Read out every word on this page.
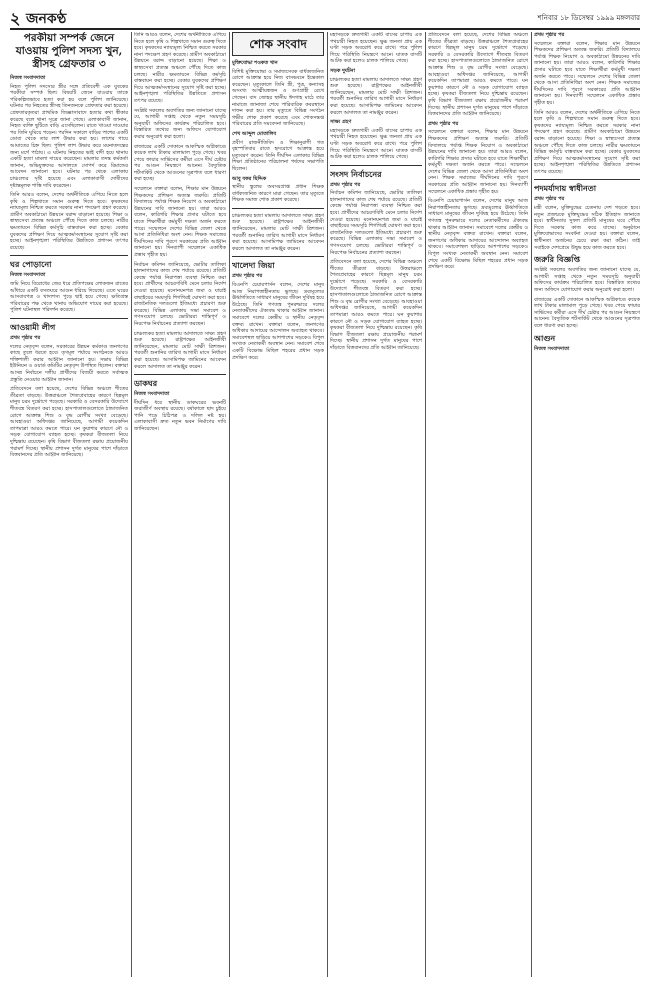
২ জনকণ্ঠ	শনিবার ১৮ ডিসেম্বর ১৯৯৯ মঙ্গলবার
পরকীয়া সম্পর্ক জেনে যাওয়ায় পুলিশ সদস্য খুন, স্ত্রীসহ গ্রেফতার ৩
নিজস্ব সংবাদদাতা

নিহত পুলিশ সদস্যের স্ত্রীর সঙ্গে প্রতিবেশী এক যুবকের পরকীয়া সম্পর্ক ছিল। বিষয়টি জেনে যাওয়ায় তাকে পরিকল্পিতভাবে হত্যা করা হয় বলে পুলিশ জানিয়েছে। ঘটনার পর নিহতের স্ত্রীসহ তিনজনকে গ্রেফতার করা হয়েছে। গ্রেফতারকৃতরা প্রাথমিক জিজ্ঞাসাবাদে হত্যার কথা স্বীকার করেছে বলে থানা সূত্রে জানা গেছে। এলাকাবাসী জানান, নিহত ব্যক্তি ছুটিতে বাড়ি এসেছিলেন। রাতে খাওয়া দাওয়ার পর তিনি ঘুমিয়ে পড়েন। পরদিন সকালে বাড়ির পাশের একটি ডোবা থেকে তার লাশ উদ্ধার করা হয়। লাশের গায়ে আঘাতের চিহ্ন ছিল। পুলিশ লাশ উদ্ধার করে ময়নাতদন্তের জন্য মর্গে পাঠায়। এ ঘটনায় নিহতের ভাই বাদী হয়ে থানায় একটি হত্যা মামলা দায়ের করেছেন। মামলার তদন্ত কর্মকর্তা জানান, অভিযুক্তদের আদালতে সোপর্দ করে রিমান্ডের আবেদন জানানো হবে। ঘটনার পর থেকে এলাকায় চাঞ্চল্যের সৃষ্টি হয়েছে এবং এলাকাবাসী দোষীদের দৃষ্টান্তমূলক শাস্তি দাবি করেছেন।

তিনি আরও বলেন, দেশের অর্থনীতিকে এগিয়ে নিতে হলে কৃষি ও শিল্পখাতে সমান গুরুত্ব দিতে হবে। কৃষকদের ন্যায্যমূল্য নিশ্চিত করতে সরকার নানা পদক্ষেপ গ্রহণ করেছে। গ্রামীণ অবকাঠামো উন্নয়নে বরাদ্দ বাড়ানো হয়েছে। শিক্ষা ও স্বাস্থ্যসেবা প্রত্যন্ত অঞ্চলে পৌঁছে দিতে কাজ চলছে। নারীর ক্ষমতায়নে বিভিন্ন কর্মসূচি বাস্তবায়ন করা হচ্ছে। বেকার যুবকদের প্রশিক্ষণ দিয়ে আত্মকর্মসংস্থানের সুযোগ সৃষ্টি করা হচ্ছে। আইনশৃঙ্খলা পরিস্থিতির উন্নতিতে প্রশাসন তৎপর রয়েছে।

ঘর পোড়ানো
নিজস্ব সংবাদদাতা

জমি নিয়ে বিরোধের জের ধরে প্রতিপক্ষের লোকজন রাতের আঁধারে একটি বসতঘরে আগুন ধরিয়ে দিয়েছে। এতে ঘরের আসবাবপত্র ও খাদ্যশস্য পুড়ে ছাই হয়ে গেছে। ক্ষতিগ্রস্ত পরিবারের পক্ষ থেকে থানায় অভিযোগ দায়ের করা হয়েছে। পুলিশ ঘটনাস্থল পরিদর্শন করেছে।

আওয়ামী লীগ
প্রথম পৃষ্ঠার পর

দলের নেতৃবৃন্দ বলেন, সরকারের উন্নয়ন কর্মকাণ্ড জনগণের কাছে তুলে ধরতে হবে। তৃণমূল পর্যায়ে সংগঠনকে আরও শক্তিশালী করার আহ্বান জানানো হয়। সভায় বিভিন্ন ইউনিয়ন ও ওয়ার্ড কমিটির নেতৃবৃন্দ উপস্থিত ছিলেন। বক্তারা আসন্ন নির্বাচনে দলীয় প্রার্থীদের বিজয়ী করতে সর্বাত্মক প্রস্তুতি নেওয়ার আহ্বান জানান।

প্রতিবেদনে বলা হয়েছে, দেশের বিভিন্ন অঞ্চলে শীতের তীব্রতা বাড়ছে। উত্তরাঞ্চলে শৈত্যপ্রবাহের কারণে ছিন্নমূল মানুষ চরম দুর্ভোগে পড়েছে। সরকারি ও বেসরকারি উদ্যোগে শীতবস্ত্র বিতরণ করা হচ্ছে। হাসপাতালগুলোতে ঠান্ডাজনিত রোগে আক্রান্ত শিশু ও বৃদ্ধ রোগীর সংখ্যা বেড়েছে। আবহাওয়া অধিদপ্তর জানিয়েছে, আগামী কয়েকদিন তাপমাত্রা আরও কমতে পারে। ঘন কুয়াশার কারণে নৌ ও সড়ক যোগাযোগ ব্যাহত হচ্ছে। কৃষকরা বীজতলা নিয়ে দুশ্চিন্তায় রয়েছেন। কৃষি বিভাগ বীজতলা রক্ষায় প্রয়োজনীয় পরামর্শ দিচ্ছে। স্থানীয় প্রশাসন দুর্গত মানুষের পাশে দাঁড়াতে বিত্তবানদের প্রতি আহ্বান জানিয়েছে।

তিনি আরও বলেন, দেশের অর্থনীতিকে এগিয়ে নিতে হলে কৃষি ও শিল্পখাতে সমান গুরুত্ব দিতে হবে। কৃষকদের ন্যায্যমূল্য নিশ্চিত করতে সরকার নানা পদক্ষেপ গ্রহণ করেছে। গ্রামীণ অবকাঠামো উন্নয়নে বরাদ্দ বাড়ানো হয়েছে। শিক্ষা ও স্বাস্থ্যসেবা প্রত্যন্ত অঞ্চলে পৌঁছে দিতে কাজ চলছে। নারীর ক্ষমতায়নে বিভিন্ন কর্মসূচি বাস্তবায়ন করা হচ্ছে। বেকার যুবকদের প্রশিক্ষণ দিয়ে আত্মকর্মসংস্থানের সুযোগ সৃষ্টি করা হচ্ছে। আইনশৃঙ্খলা পরিস্থিতির উন্নতিতে প্রশাসন তৎপর রয়েছে।

সংশ্লিষ্ট সকলের অবগতির জন্য জানানো যাচ্ছে যে, আগামী সপ্তাহ থেকে নতুন সময়সূচি অনুযায়ী অফিসের কার্যক্রম পরিচালিত হবে। বিস্তারিত তথ্যের জন্য অফিসে যোগাযোগ করার অনুরোধ করা হলো।

বাজারের একটি দোকানে আকস্মিক অগ্নিকাণ্ডে কয়েক লাখ টাকার মালামাল পুড়ে গেছে। খবর পেয়ে ফায়ার সার্ভিসের কর্মীরা এসে দীর্ঘ চেষ্টার পর আগুন নিয়ন্ত্রণে আনেন। বৈদ্যুতিক শর্টসার্কিট থেকে আগুনের সূত্রপাত বলে ধারণা করা হচ্ছে।

সম্মেলনে বক্তারা বলেন, শিক্ষার মান উন্নয়নে শিক্ষকদের প্রশিক্ষণ অত্যন্ত জরুরি। প্রতিটি বিদ্যালয়ে পর্যাপ্ত শিক্ষক নিয়োগ ও অবকাঠামো উন্নয়নের দাবি জানানো হয়। তারা আরও বলেন, কারিগরি শিক্ষার প্রসার ঘটাতে হবে যাতে শিক্ষার্থীরা কর্মমুখী দক্ষতা অর্জন করতে পারে। সম্মেলনে দেশের বিভিন্ন জেলা থেকে আসা প্রতিনিধিরা অংশ নেন। শিক্ষক সমাজের দীর্ঘদিনের দাবি পূরণে সরকারের প্রতি আহ্বান জানানো হয়। দিনব্যাপী সম্মেলনে একাধিক প্রস্তাব গৃহীত হয়।

নির্বাচন কমিশন জানিয়েছে, ভোটার তালিকা হালনাগাদের কাজ শেষ পর্যায়ে রয়েছে। প্রতিটি কেন্দ্রে পর্যাপ্ত নিরাপত্তা ব্যবস্থা নিশ্চিত করা হবে। প্রার্থীদের আচরণবিধি মেনে চলার নির্দেশ দেওয়া হয়েছে। মনোনয়নপত্র জমা ও যাচাই বাছাইয়ের সময়সূচি শিগগিরই ঘোষণা করা হবে। রাজনৈতিক দলগুলো ইতিমধ্যে প্রচারণা শুরু করেছে। বিভিন্ন এলাকায় সভা সমাবেশ ও গণসংযোগ চলছে। ভোটাররা শান্তিপূর্ণ ও নিরপেক্ষ নির্বাচনের প্রত্যাশা করছেন।

চাঞ্চল্যকর হত্যা মামলায় আদালতে সাক্ষ্য গ্রহণ শুরু হয়েছে। রাষ্ট্রপক্ষের আইনজীবী জানিয়েছেন, মামলার মোট সাক্ষী ত্রিশজন। পরবর্তী শুনানির তারিখ আগামী মাসে নির্ধারণ করা হয়েছে। আসামিপক্ষ জামিনের আবেদন করলে আদালত তা নামঞ্জুর করেন।

ডাকঘর
নিজস্ব সংবাদদাতা

দীর্ঘদিন ধরে স্থানীয় ডাকঘরের ভবনটি জরাজীর্ণ অবস্থায় রয়েছে। বর্ষাকালে ছাদ চুইয়ে পানি পড়ে চিঠিপত্র ও দলিল নষ্ট হয়। এলাকাবাসী দ্রুত নতুন ভবন নির্মাণের দাবি জানিয়েছেন।

শোক সংবাদ
মুক্তিযোদ্ধা শওকত খান

বিশিষ্ট মুক্তিযোদ্ধা ও সমাজসেবক বার্ধক্যজনিত রোগে আক্রান্ত হয়ে নিজ বাসভবনে ইন্তেকাল করেছেন। মৃত্যুকালে তিনি স্ত্রী, পুত্র, কন্যাসহ অসংখ্য আত্মীয়স্বজন ও গুণগ্রাহী রেখে গেছেন। বাদ জোহর স্থানীয় ঈদগাহ মাঠে তার নামাজে জানাজা শেষে পারিবারিক কবরস্থানে দাফন করা হয়। তার মৃত্যুতে বিভিন্ন সংগঠন গভীর শোক প্রকাশ করেছে এবং শোকসন্তপ্ত পরিবারের প্রতি সমবেদনা জানিয়েছে।

শেখ আব্দুল মোতালিব

প্রবীণ রাজনীতিবিদ ও শিক্ষানুরাগী গত বৃহস্পতিবার রাতে হৃদরোগে আক্রান্ত হয়ে মৃত্যুবরণ করেন। তিনি দীর্ঘদিন এলাকার বিভিন্ন শিক্ষা প্রতিষ্ঠানের পরিচালনা পর্ষদের সভাপতি ছিলেন।

আবু বকর ছিদ্দিক

স্থানীয় স্কুলের অবসরপ্রাপ্ত প্রধান শিক্ষক বার্ধক্যজনিত কারণে মারা গেছেন। তার মৃত্যুতে শিক্ষক সমাজ শোক প্রকাশ করেছে।

চাঞ্চল্যকর হত্যা মামলায় আদালতে সাক্ষ্য গ্রহণ শুরু হয়েছে। রাষ্ট্রপক্ষের আইনজীবী জানিয়েছেন, মামলার মোট সাক্ষী ত্রিশজন। পরবর্তী শুনানির তারিখ আগামী মাসে নির্ধারণ করা হয়েছে। আসামিপক্ষ জামিনের আবেদন করলে আদালত তা নামঞ্জুর করেন।

খালেদা জিয়া
প্রথম পৃষ্ঠার পর

বিএনপি চেয়ারপার্সন বলেন, দেশের মানুষ আজ নিরাপত্তাহীনতায় ভুগছে। দ্রব্যমূল্যের ঊর্ধ্বগতিতে সাধারণ মানুষের জীবন দুর্বিষহ হয়ে উঠেছে। তিনি গণতন্ত্র পুনরুদ্ধারে দলের নেতাকর্মীদের ঐক্যবদ্ধ থাকার আহ্বান জানান। সমাবেশে দলের কেন্দ্রীয় ও স্থানীয় নেতৃবৃন্দ বক্তব্য রাখেন। বক্তারা বলেন, জনগণের অধিকার আদায়ের আন্দোলন অব্যাহত থাকবে। সমাবেশস্থল ছাড়িয়ে আশপাশের সড়কেও বিপুল সংখ্যক নেতাকর্মী অবস্থান নেন। সমাবেশ শেষে একটি বিক্ষোভ মিছিল শহরের প্রধান সড়ক প্রদক্ষিণ করে।

মহাসড়কে দ্রুতগামী একটি বাসের চাপায় এক পথচারী নিহত হয়েছেন। ক্ষুব্ধ জনতা প্রায় এক ঘণ্টা সড়ক অবরোধ করে রাখে। পরে পুলিশ গিয়ে পরিস্থিতি নিয়ন্ত্রণে আনে। ঘাতক বাসটি আটক করা হলেও চালক পালিয়ে গেছে।

সড়ক দুর্ঘটনা

চাঞ্চল্যকর হত্যা মামলায় আদালতে সাক্ষ্য গ্রহণ শুরু হয়েছে। রাষ্ট্রপক্ষের আইনজীবী জানিয়েছেন, মামলার মোট সাক্ষী ত্রিশজন। পরবর্তী শুনানির তারিখ আগামী মাসে নির্ধারণ করা হয়েছে। আসামিপক্ষ জামিনের আবেদন করলে আদালত তা নামঞ্জুর করেন।

সাক্ষ্য গ্রহণ

মহাসড়কে দ্রুতগামী একটি বাসের চাপায় এক পথচারী নিহত হয়েছেন। ক্ষুব্ধ জনতা প্রায় এক ঘণ্টা সড়ক অবরোধ করে রাখে। পরে পুলিশ গিয়ে পরিস্থিতি নিয়ন্ত্রণে আনে। ঘাতক বাসটি আটক করা হলেও চালক পালিয়ে গেছে।

সংসদ নির্বাচনের
প্রথম পৃষ্ঠার পর

নির্বাচন কমিশন জানিয়েছে, ভোটার তালিকা হালনাগাদের কাজ শেষ পর্যায়ে রয়েছে। প্রতিটি কেন্দ্রে পর্যাপ্ত নিরাপত্তা ব্যবস্থা নিশ্চিত করা হবে। প্রার্থীদের আচরণবিধি মেনে চলার নির্দেশ দেওয়া হয়েছে। মনোনয়নপত্র জমা ও যাচাই বাছাইয়ের সময়সূচি শিগগিরই ঘোষণা করা হবে। রাজনৈতিক দলগুলো ইতিমধ্যে প্রচারণা শুরু করেছে। বিভিন্ন এলাকায় সভা সমাবেশ ও গণসংযোগ চলছে। ভোটাররা শান্তিপূর্ণ ও নিরপেক্ষ নির্বাচনের প্রত্যাশা করছেন।

প্রতিবেদনে বলা হয়েছে, দেশের বিভিন্ন অঞ্চলে শীতের তীব্রতা বাড়ছে। উত্তরাঞ্চলে শৈত্যপ্রবাহের কারণে ছিন্নমূল মানুষ চরম দুর্ভোগে পড়েছে। সরকারি ও বেসরকারি উদ্যোগে শীতবস্ত্র বিতরণ করা হচ্ছে। হাসপাতালগুলোতে ঠান্ডাজনিত রোগে আক্রান্ত শিশু ও বৃদ্ধ রোগীর সংখ্যা বেড়েছে। আবহাওয়া অধিদপ্তর জানিয়েছে, আগামী কয়েকদিন তাপমাত্রা আরও কমতে পারে। ঘন কুয়াশার কারণে নৌ ও সড়ক যোগাযোগ ব্যাহত হচ্ছে। কৃষকরা বীজতলা নিয়ে দুশ্চিন্তায় রয়েছেন। কৃষি বিভাগ বীজতলা রক্ষায় প্রয়োজনীয় পরামর্শ দিচ্ছে। স্থানীয় প্রশাসন দুর্গত মানুষের পাশে দাঁড়াতে বিত্তবানদের প্রতি আহ্বান জানিয়েছে।

প্রতিবেদনে বলা হয়েছে, দেশের বিভিন্ন অঞ্চলে শীতের তীব্রতা বাড়ছে। উত্তরাঞ্চলে শৈত্যপ্রবাহের কারণে ছিন্নমূল মানুষ চরম দুর্ভোগে পড়েছে। সরকারি ও বেসরকারি উদ্যোগে শীতবস্ত্র বিতরণ করা হচ্ছে। হাসপাতালগুলোতে ঠান্ডাজনিত রোগে আক্রান্ত শিশু ও বৃদ্ধ রোগীর সংখ্যা বেড়েছে। আবহাওয়া অধিদপ্তর জানিয়েছে, আগামী কয়েকদিন তাপমাত্রা আরও কমতে পারে। ঘন কুয়াশার কারণে নৌ ও সড়ক যোগাযোগ ব্যাহত হচ্ছে। কৃষকরা বীজতলা নিয়ে দুশ্চিন্তায় রয়েছেন। কৃষি বিভাগ বীজতলা রক্ষায় প্রয়োজনীয় পরামর্শ দিচ্ছে। স্থানীয় প্রশাসন দুর্গত মানুষের পাশে দাঁড়াতে বিত্তবানদের প্রতি আহ্বান জানিয়েছে।

প্রথম পৃষ্ঠার পর

সম্মেলনে বক্তারা বলেন, শিক্ষার মান উন্নয়নে শিক্ষকদের প্রশিক্ষণ অত্যন্ত জরুরি। প্রতিটি বিদ্যালয়ে পর্যাপ্ত শিক্ষক নিয়োগ ও অবকাঠামো উন্নয়নের দাবি জানানো হয়। তারা আরও বলেন, কারিগরি শিক্ষার প্রসার ঘটাতে হবে যাতে শিক্ষার্থীরা কর্মমুখী দক্ষতা অর্জন করতে পারে। সম্মেলনে দেশের বিভিন্ন জেলা থেকে আসা প্রতিনিধিরা অংশ নেন। শিক্ষক সমাজের দীর্ঘদিনের দাবি পূরণে সরকারের প্রতি আহ্বান জানানো হয়। দিনব্যাপী সম্মেলনে একাধিক প্রস্তাব গৃহীত হয়।

বিএনপি চেয়ারপার্সন বলেন, দেশের মানুষ আজ নিরাপত্তাহীনতায় ভুগছে। দ্রব্যমূল্যের ঊর্ধ্বগতিতে সাধারণ মানুষের জীবন দুর্বিষহ হয়ে উঠেছে। তিনি গণতন্ত্র পুনরুদ্ধারে দলের নেতাকর্মীদের ঐক্যবদ্ধ থাকার আহ্বান জানান। সমাবেশে দলের কেন্দ্রীয় ও স্থানীয় নেতৃবৃন্দ বক্তব্য রাখেন। বক্তারা বলেন, জনগণের অধিকার আদায়ের আন্দোলন অব্যাহত থাকবে। সমাবেশস্থল ছাড়িয়ে আশপাশের সড়কেও বিপুল সংখ্যক নেতাকর্মী অবস্থান নেন। সমাবেশ শেষে একটি বিক্ষোভ মিছিল শহরের প্রধান সড়ক প্রদক্ষিণ করে।

প্রথম পৃষ্ঠার পর

সম্মেলনে বক্তারা বলেন, শিক্ষার মান উন্নয়নে শিক্ষকদের প্রশিক্ষণ অত্যন্ত জরুরি। প্রতিটি বিদ্যালয়ে পর্যাপ্ত শিক্ষক নিয়োগ ও অবকাঠামো উন্নয়নের দাবি জানানো হয়। তারা আরও বলেন, কারিগরি শিক্ষার প্রসার ঘটাতে হবে যাতে শিক্ষার্থীরা কর্মমুখী দক্ষতা অর্জন করতে পারে। সম্মেলনে দেশের বিভিন্ন জেলা থেকে আসা প্রতিনিধিরা অংশ নেন। শিক্ষক সমাজের দীর্ঘদিনের দাবি পূরণে সরকারের প্রতি আহ্বান জানানো হয়। দিনব্যাপী সম্মেলনে একাধিক প্রস্তাব গৃহীত হয়।

তিনি আরও বলেন, দেশের অর্থনীতিকে এগিয়ে নিতে হলে কৃষি ও শিল্পখাতে সমান গুরুত্ব দিতে হবে। কৃষকদের ন্যায্যমূল্য নিশ্চিত করতে সরকার নানা পদক্ষেপ গ্রহণ করেছে। গ্রামীণ অবকাঠামো উন্নয়নে বরাদ্দ বাড়ানো হয়েছে। শিক্ষা ও স্বাস্থ্যসেবা প্রত্যন্ত অঞ্চলে পৌঁছে দিতে কাজ চলছে। নারীর ক্ষমতায়নে বিভিন্ন কর্মসূচি বাস্তবায়ন করা হচ্ছে। বেকার যুবকদের প্রশিক্ষণ দিয়ে আত্মকর্মসংস্থানের সুযোগ সৃষ্টি করা হচ্ছে। আইনশৃঙ্খলা পরিস্থিতির উন্নতিতে প্রশাসন তৎপর রয়েছে।

পদমর্যাদায় স্বাধীনতা
প্রথম পৃষ্ঠার পর

মন্ত্রী বলেন, মুক্তিযুদ্ধের চেতনায় দেশ গড়তে হবে। নতুন প্রজন্মকে মুক্তিযুদ্ধের সঠিক ইতিহাস জানাতে হবে। স্বাধীনতার সুফল প্রতিটি মানুষের ঘরে পৌঁছে দিতে সরকার কাজ করে যাচ্ছে। অনুষ্ঠানে মুক্তিযোদ্ধাদের সংবর্ধনা দেওয়া হয়। বক্তারা বলেন, স্বাধীনতা অর্জনের চেয়ে রক্ষা করা কঠিন। তাই সবাইকে দেশপ্রেমে উদ্বুদ্ধ হয়ে কাজ করতে হবে।

জরুরি বিজ্ঞপ্তি

সংশ্লিষ্ট সকলের অবগতির জন্য জানানো যাচ্ছে যে, আগামী সপ্তাহ থেকে নতুন সময়সূচি অনুযায়ী অফিসের কার্যক্রম পরিচালিত হবে। বিস্তারিত তথ্যের জন্য অফিসে যোগাযোগ করার অনুরোধ করা হলো।

বাজারের একটি দোকানে আকস্মিক অগ্নিকাণ্ডে কয়েক লাখ টাকার মালামাল পুড়ে গেছে। খবর পেয়ে ফায়ার সার্ভিসের কর্মীরা এসে দীর্ঘ চেষ্টার পর আগুন নিয়ন্ত্রণে আনেন। বৈদ্যুতিক শর্টসার্কিট থেকে আগুনের সূত্রপাত বলে ধারণা করা হচ্ছে।

আগুন
নিজস্ব সংবাদদাতা
